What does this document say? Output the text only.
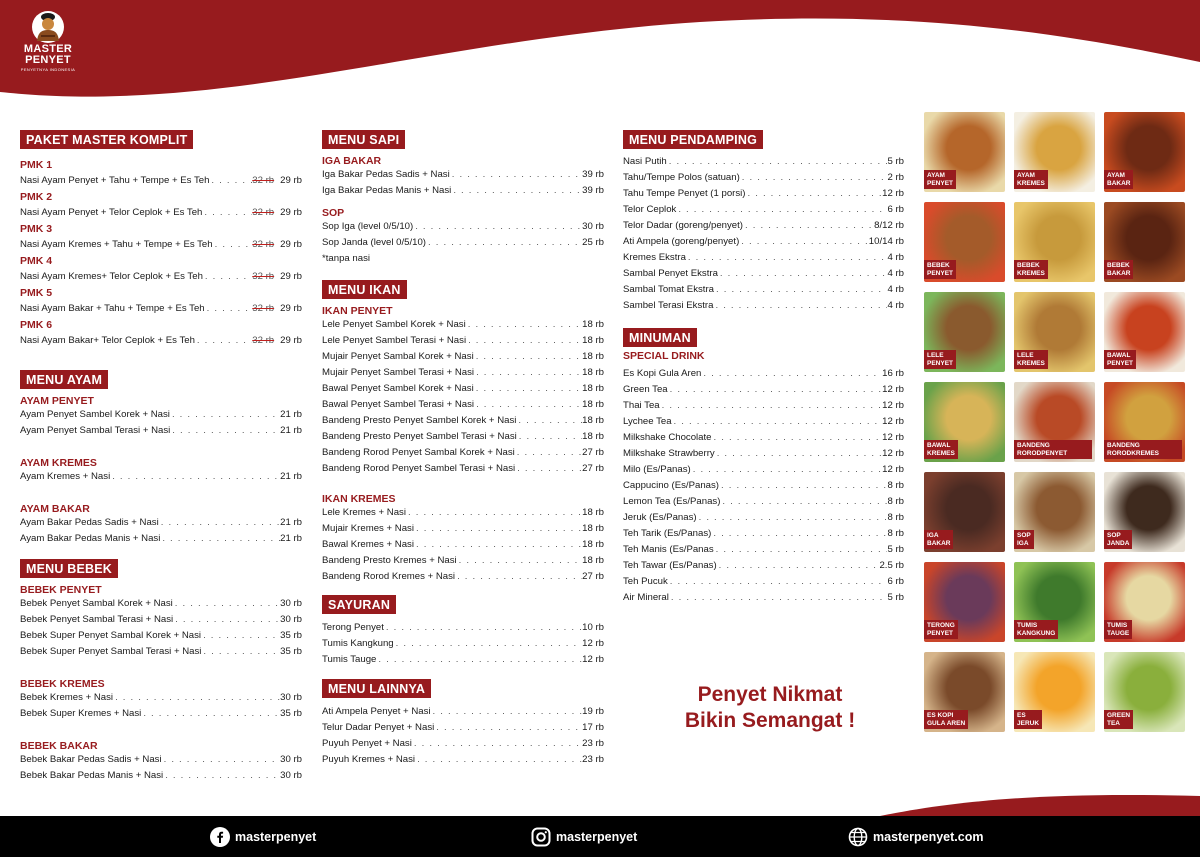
MASTER
PENYET
PENYETNYA INDONESIA
PAKET MASTER KOMPLIT
PMK 1
Nasi Ayam Penyet + Tahu + Tempe + Es Teh . . .	32 rb 29 rb
PMK 2
Nasi Ayam Penyet + Telor Ceplok + Es Teh . . .	32 rb 29 rb
PMK 3
Nasi Ayam Kremes + Tahu + Tempe + Es Teh . . .	32 rb 29 rb
PMK 4
Nasi Ayam Kremes+ Telor Ceplok + Es Teh . . .	32 rb 29 rb
PMK 5
Nasi Ayam Bakar + Tahu + Tempe + Es Teh . . .	32 rb 29 rb
PMK 6
Nasi Ayam Bakar+ Telor Ceplok + Es Teh . . .	32 rb 29 rb
MENU AYAM
AYAM PENYET
Ayam Penyet Sambel Korek + Nasi . . .	21 rb
Ayam Penyet Sambal Terasi + Nasi . . .	21 rb
AYAM KREMES
Ayam Kremes + Nasi . . .	21 rb
AYAM BAKAR
Ayam Bakar Pedas Sadis + Nasi . . .	21 rb
Ayam Bakar Pedas Manis + Nasi . . .	21 rb
MENU BEBEK
BEBEK PENYET
Bebek Penyet Sambal Korek + Nasi . . .	30 rb
Bebek Penyet Sambal Terasi + Nasi . . .	30 rb
Bebek Super Penyet Sambal Korek + Nasi . . .	35 rb
Bebek Super Penyet Sambal Terasi + Nasi . . .	35 rb
BEBEK KREMES
Bebek Kremes + Nasi . . .	30 rb
Bebek Super Kremes + Nasi . . .	35 rb
BEBEK BAKAR
Bebek Bakar Pedas Sadis + Nasi . . .	30 rb
Bebek Bakar Pedas Manis + Nasi . . .	30 rb
MENU SAPI
IGA BAKAR
Iga Bakar Pedas Sadis + Nasi . . .	39 rb
Iga Bakar Pedas Manis + Nasi . . .	39 rb
SOP
Sop Iga (level 0/5/10) . . .	30 rb
Sop Janda (level 0/5/10) . . .	25 rb
*tanpa nasi
MENU IKAN
IKAN PENYET
Lele Penyet Sambel Korek + Nasi . . .	18 rb
Lele Penyet Sambel Terasi + Nasi . . .	18 rb
Mujair Penyet Sambal Korek + Nasi . . .	18 rb
Mujair Penyet Sambel Terasi + Nasi . . .	18 rb
Bawal Penyet Sambel Korek + Nasi . . .	18 rb
Bawal Penyet Sambel Terasi + Nasi . . .	18 rb
Bandeng Presto Penyet Sambel Korek + Nasi . . .	18 rb
Bandeng Presto Penyet Sambel Terasi + Nasi . . .	18 rb
Bandeng Rorod Penyet Sambal Korek + Nasi . . .	27 rb
Bandeng Rorod Penyet Sambel Terasi + Nasi . . .	27 rb
IKAN KREMES
Lele Kremes + Nasi . . .	18 rb
Mujair Kremes + Nasi . . .	18 rb
Bawal Kremes + Nasi . . .	18 rb
Bandeng Presto Kremes + Nasi . . .	18 rb
Bandeng Rorod Kremes + Nasi . . .	27 rb
SAYURAN
Terong Penyet . . .	10 rb
Tumis Kangkung . . .	12 rb
Tumis Tauge . . .	12 rb
MENU LAINNYA
Ati Ampela Penyet + Nasi . . .	19 rb
Telur Dadar Penyet + Nasi . . .	17 rb
Puyuh Penyet + Nasi . . .	23 rb
Puyuh Kremes + Nasi . . .	23 rb
MENU PENDAMPING
Nasi Putih . . .	5 rb
Tahu/Tempe Polos (satuan) . . .	2 rb
Tahu Tempe Penyet (1 porsi) . . .	12 rb
Telor Ceplok . . .	6 rb
Telor Dadar (goreng/penyet) . . .	8/12 rb
Ati Ampela (goreng/penyet) . . .	10/14 rb
Kremes Ekstra . . .	4 rb
Sambal Penyet Ekstra . . .	4 rb
Sambal Tomat Ekstra . . .	4 rb
Sambel Terasi Ekstra . . .	4 rb
MINUMAN
SPECIAL DRINK
Es Kopi Gula Aren . . .	16 rb
Green Tea . . .	12 rb
Thai Tea . . .	12 rb
Lychee Tea . . .	12 rb
Milkshake Chocolate . . .	12 rb
Milkshake Strawberry . . .	12 rb
Milo (Es/Panas) . . .	12 rb
Cappucino (Es/Panas) . . .	8 rb
Lemon Tea (Es/Panas) . . .	8 rb
Jeruk (Es/Panas) . . .	8 rb
Teh Tarik (Es/Panas) . . .	8 rb
Teh Manis (Es/Panas . . .	5 rb
Teh Tawar (Es/Panas) . . .	2.5 rb
Teh Pucuk . . .	6 rb
Air Mineral . . .	5 rb
Penyet Nikmat
Bikin Semangat !
AYAM
PENYET
AYAM
KREMES
AYAM
BAKAR
BEBEK
PENYET
BEBEK
KREMES
BEBEK
BAKAR
LELE
PENYET
LELE
KREMES
BAWAL
PENYET
BAWAL
KREMES
BANDENG RORODPENYET
BANDENG RORODKREMES
IGA
BAKAR
SOP
IGA
SOP
JANDA
TERONG
PENYET
TUMIS
KANGKUNG
TUMIS
TAUGE
ES KOPI
GULA AREN
ES
JERUK
GREEN
TEA
masterpenyet	masterpenyet	masterpenyet.com
